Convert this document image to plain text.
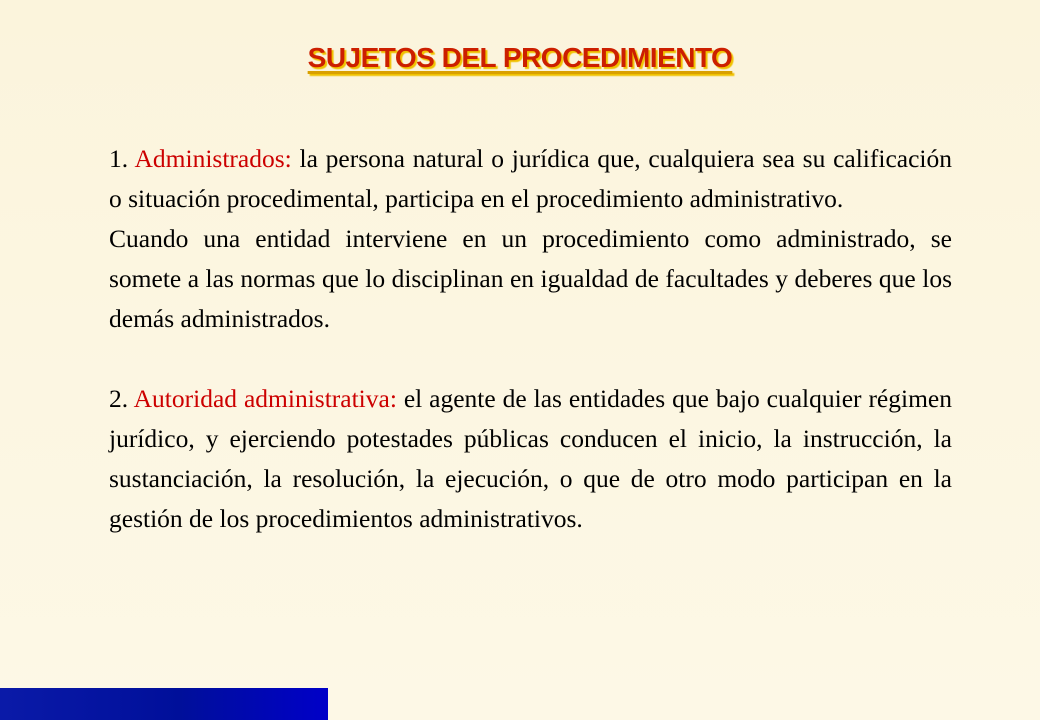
SUJETOS DEL PROCEDIMIENTO

1. Administrados: la persona natural o jurídica que, cualquiera sea su calificación o situación procedimental, participa en el procedimiento administrativo.

Cuando una entidad interviene en un procedimiento como administrado, se somete a las normas que lo disciplinan en igualdad de facultades y deberes que los demás administrados.

2. Autoridad administrativa: el agente de las entidades que bajo cualquier régimen jurídico, y ejerciendo potestades públicas conducen el inicio, la instrucción, la sustanciación, la resolución, la ejecución, o que de otro modo participan en la gestión de los procedimientos administrativos.
